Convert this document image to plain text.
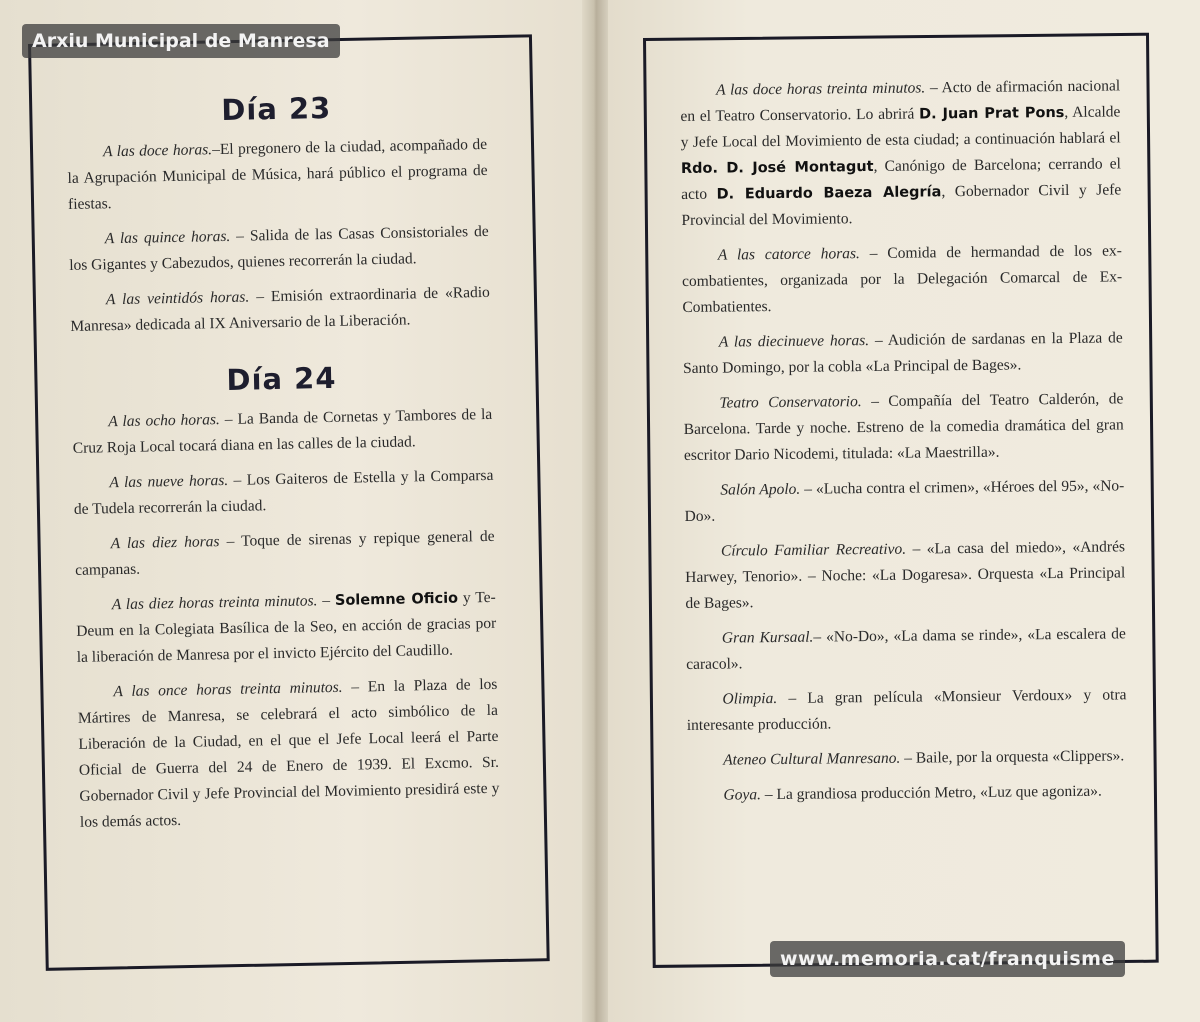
Día 23

A las doce horas.–El pregonero de la ciudad, acompañado de la Agrupación Municipal de Música, hará público el programa de fiestas.

A las quince horas. – Salida de las Casas Consistoriales de los Gigantes y Cabezudos, quienes recorrerán la ciudad.

A las veintidós horas. – Emisión extraordinaria de «Radio Manresa» dedicada al IX Aniversario de la Liberación.

Día 24

A las ocho horas. – La Banda de Cornetas y Tambores de la Cruz Roja Local tocará diana en las calles de la ciudad.

A las nueve horas. – Los Gaiteros de Estella y la Comparsa de Tudela recorrerán la ciudad.

A las diez horas – Toque de sirenas y repique general de campanas.

A las diez horas treinta minutos. – Solemne Oficio y Te-Deum en la Colegiata Basílica de la Seo, en acción de gracias por la liberación de Manresa por el invicto Ejército del Caudillo.

A las once horas treinta minutos. – En la Plaza de los Mártires de Manresa, se celebrará el acto simbólico de la Liberación de la Ciudad, en el que el Jefe Local leerá el Parte Oficial de Guerra del 24 de Enero de 1939. El Excmo. Sr. Gobernador Civil y Jefe Provincial del Movimiento presidirá este y los demás actos.

A las doce horas treinta minutos. – Acto de afirmación nacional en el Teatro Conservatorio. Lo abrirá D. Juan Prat Pons, Alcalde y Jefe Local del Movimiento de esta ciudad; a continuación hablará el Rdo. D. José Montagut, Canónigo de Barcelona; cerrando el acto D. Eduardo Baeza Alegría, Gobernador Civil y Jefe Provincial del Movimiento.

A las catorce horas. – Comida de hermandad de los ex-combatientes, organizada por la Delegación Comarcal de Ex-Combatientes.

A las diecinueve horas. – Audición de sardanas en la Plaza de Santo Domingo, por la cobla «La Principal de Bages».

Teatro Conservatorio. – Compañía del Teatro Calderón, de Barcelona. Tarde y noche. Estreno de la comedia dramática del gran escritor Dario Nicodemi, titulada: «La Maestrilla».

Salón Apolo. – «Lucha contra el crimen», «Héroes del 95», «No-Do».

Círculo Familiar Recreativo. – «La casa del miedo», «Andrés Harwey, Tenorio». – Noche: «La Dogaresa». Orquesta «La Principal de Bages».

Gran Kursaal.– «No-Do», «La dama se rinde», «La escalera de caracol».

Olimpia. – La gran película «Monsieur Verdoux» y otra interesante producción.

Ateneo Cultural Manresano. – Baile, por la orquesta «Clippers».

Goya. – La grandiosa producción Metro, «Luz que agoniza».

Arxiu Municipal de Manresa
www.memoria.cat/franquisme
